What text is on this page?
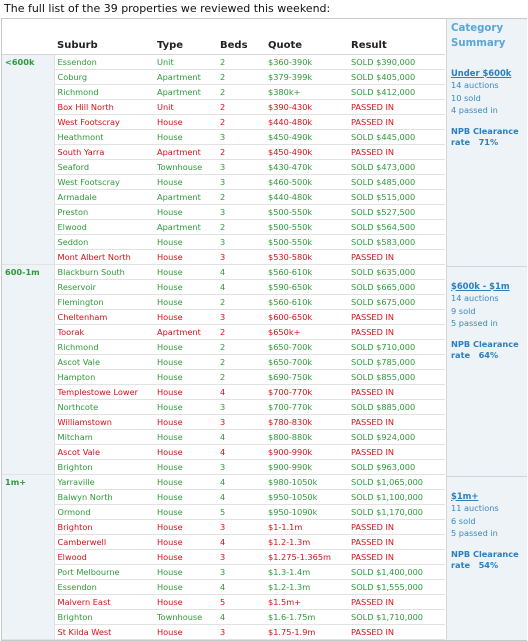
The full list of the 39 properties we reviewed this weekend:
	Suburb	Type	Beds	Quote	Result
<600k	Essendon	Unit	2	$360-390k	SOLD $390,000
	Coburg	Apartment	2	$379-399k	SOLD $405,000
	Richmond	Apartment	2	$380k+	SOLD $412,000
	Box Hill North	Unit	2	$390-430k	PASSED IN
	West Footscray	House	2	$440-480k	PASSED IN
	Heathmont	House	3	$450-490k	SOLD $445,000
	South Yarra	Apartment	2	$450-490k	PASSED IN
	Seaford	Townhouse	3	$430-470k	SOLD $473,000
	West Footscray	House	3	$460-500k	SOLD $485,000
	Armadale	Apartment	2	$440-480k	SOLD $515,000
	Preston	House	3	$500-550k	SOLD $527,500
	Elwood	Apartment	2	$500-550k	SOLD $564,500
	Seddon	House	3	$500-550k	SOLD $583,000
	Mont Albert North	House	3	$530-580k	PASSED IN
600-1m	Blackburn South	House	4	$560-610k	SOLD $635,000
	Reservoir	House	4	$590-650k	SOLD $665,000
	Flemington	House	2	$560-610k	SOLD $675,000
	Cheltenham	House	3	$600-650k	PASSED IN
	Toorak	Apartment	2	$650k+	PASSED IN
	Richmond	House	2	$650-700k	SOLD $710,000
	Ascot Vale	House	2	$650-700k	SOLD $785,000
	Hampton	House	2	$690-750k	SOLD $855,000
	Templestowe Lower	House	4	$700-770k	PASSED IN
	Northcote	House	3	$700-770k	SOLD $885,000
	Williamstown	House	3	$780-830k	PASSED IN
	Mitcham	House	4	$800-880k	SOLD $924,000
	Ascot Vale	House	4	$900-990k	PASSED IN
	Brighton	House	3	$900-990k	SOLD $963,000
1m+	Yarraville	House	4	$980-1050k	SOLD $1,065,000
	Balwyn North	House	4	$950-1050k	SOLD $1,100,000
	Ormond	House	5	$950-1090k	SOLD $1,170,000
	Brighton	House	3	$1-1.1m	PASSED IN
	Camberwell	House	4	$1.2-1.3m	PASSED IN
	Elwood	House	3	$1.275-1.365m	PASSED IN
	Port Melbourne	House	3	$1.3-1.4m	SOLD $1,400,000
	Essendon	House	4	$1.2-1.3m	SOLD $1,555,000
	Malvern East	House	5	$1.5m+	PASSED IN
	Brighton	Townhouse	4	$1.6-1.75m	SOLD $1,710,000
	St Kilda West	House	3	$1.75-1.9m	PASSED IN
Category Summary
Under $600k
14 auctions
10 sold
4 passed in
NPB Clearance rate 71%
$600k - $1m
14 auctions
9 sold
5 passed in
NPB Clearance rate 64%
$1m+
11 auctions
6 sold
5 passed in
NPB Clearance rate 54%
